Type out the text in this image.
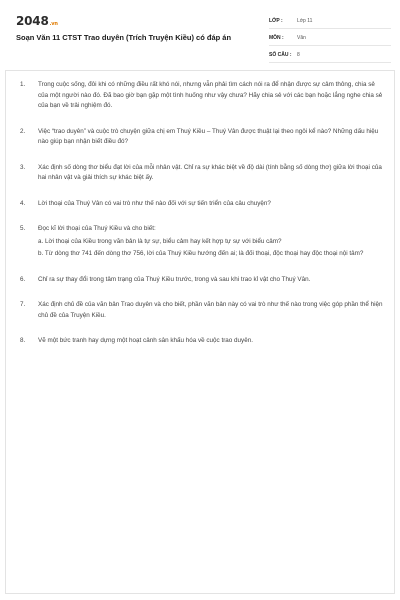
2048.vn
Soạn Văn 11 CTST Trao duyên (Trích Truyện Kiều) có đáp án
LỚP :	Lớp 11
MÔN :	Văn
SỐ CÂU :	8
1.	Trong cuộc sống, đôi khi có những điều rất khó nói, nhưng vẫn phải tìm cách nói ra để nhận được sự cảm thông, chia sẻ của một người nào đó. Đã bao giờ bạn gặp một tình huống như vậy chưa? Hãy chia sẻ với các bạn hoặc lắng nghe chia sẻ của bạn về trải nghiệm đó.
2.	Việc “trao duyên” và cuộc trò chuyện giữa chị em Thuý Kiều – Thuý Vân được thuật lại theo ngôi kể nào? Những dấu hiệu nào giúp bạn nhận biết điều đó?
3.	Xác định số dòng thơ biểu đạt lời của mỗi nhân vật. Chỉ ra sự khác biệt về độ dài (tính bằng số dòng thơ) giữa lời thoại của hai nhân vật và giải thích sự khác biệt ấy.
4.	Lời thoại của Thuý Vân có vai trò như thế nào đối với sự tiến triển của câu chuyện?
5.	Đọc kĩ lời thoại của Thuý Kiều và cho biết:
a. Lời thoại của Kiều trong văn bản là tự sự, biểu cảm hay kết hợp tự sự với biểu cảm?
b. Từ dòng thơ 741 đến dòng thơ 756, lời của Thuý Kiều hướng đến ai; là đối thoại, độc thoại hay độc thoại nội tâm?
6.	Chỉ ra sự thay đổi trong tâm trạng của Thuý Kiều trước, trong và sau khi trao kỉ vật cho Thuý Vân.
7.	Xác định chủ đề của văn bản Trao duyên và cho biết, phần văn bản này có vai trò như thế nào trong việc góp phần thể hiện chủ đề của Truyện Kiều.
8.	Vẽ một bức tranh hay dựng một hoạt cảnh sân khấu hóa về cuộc trao duyên.
